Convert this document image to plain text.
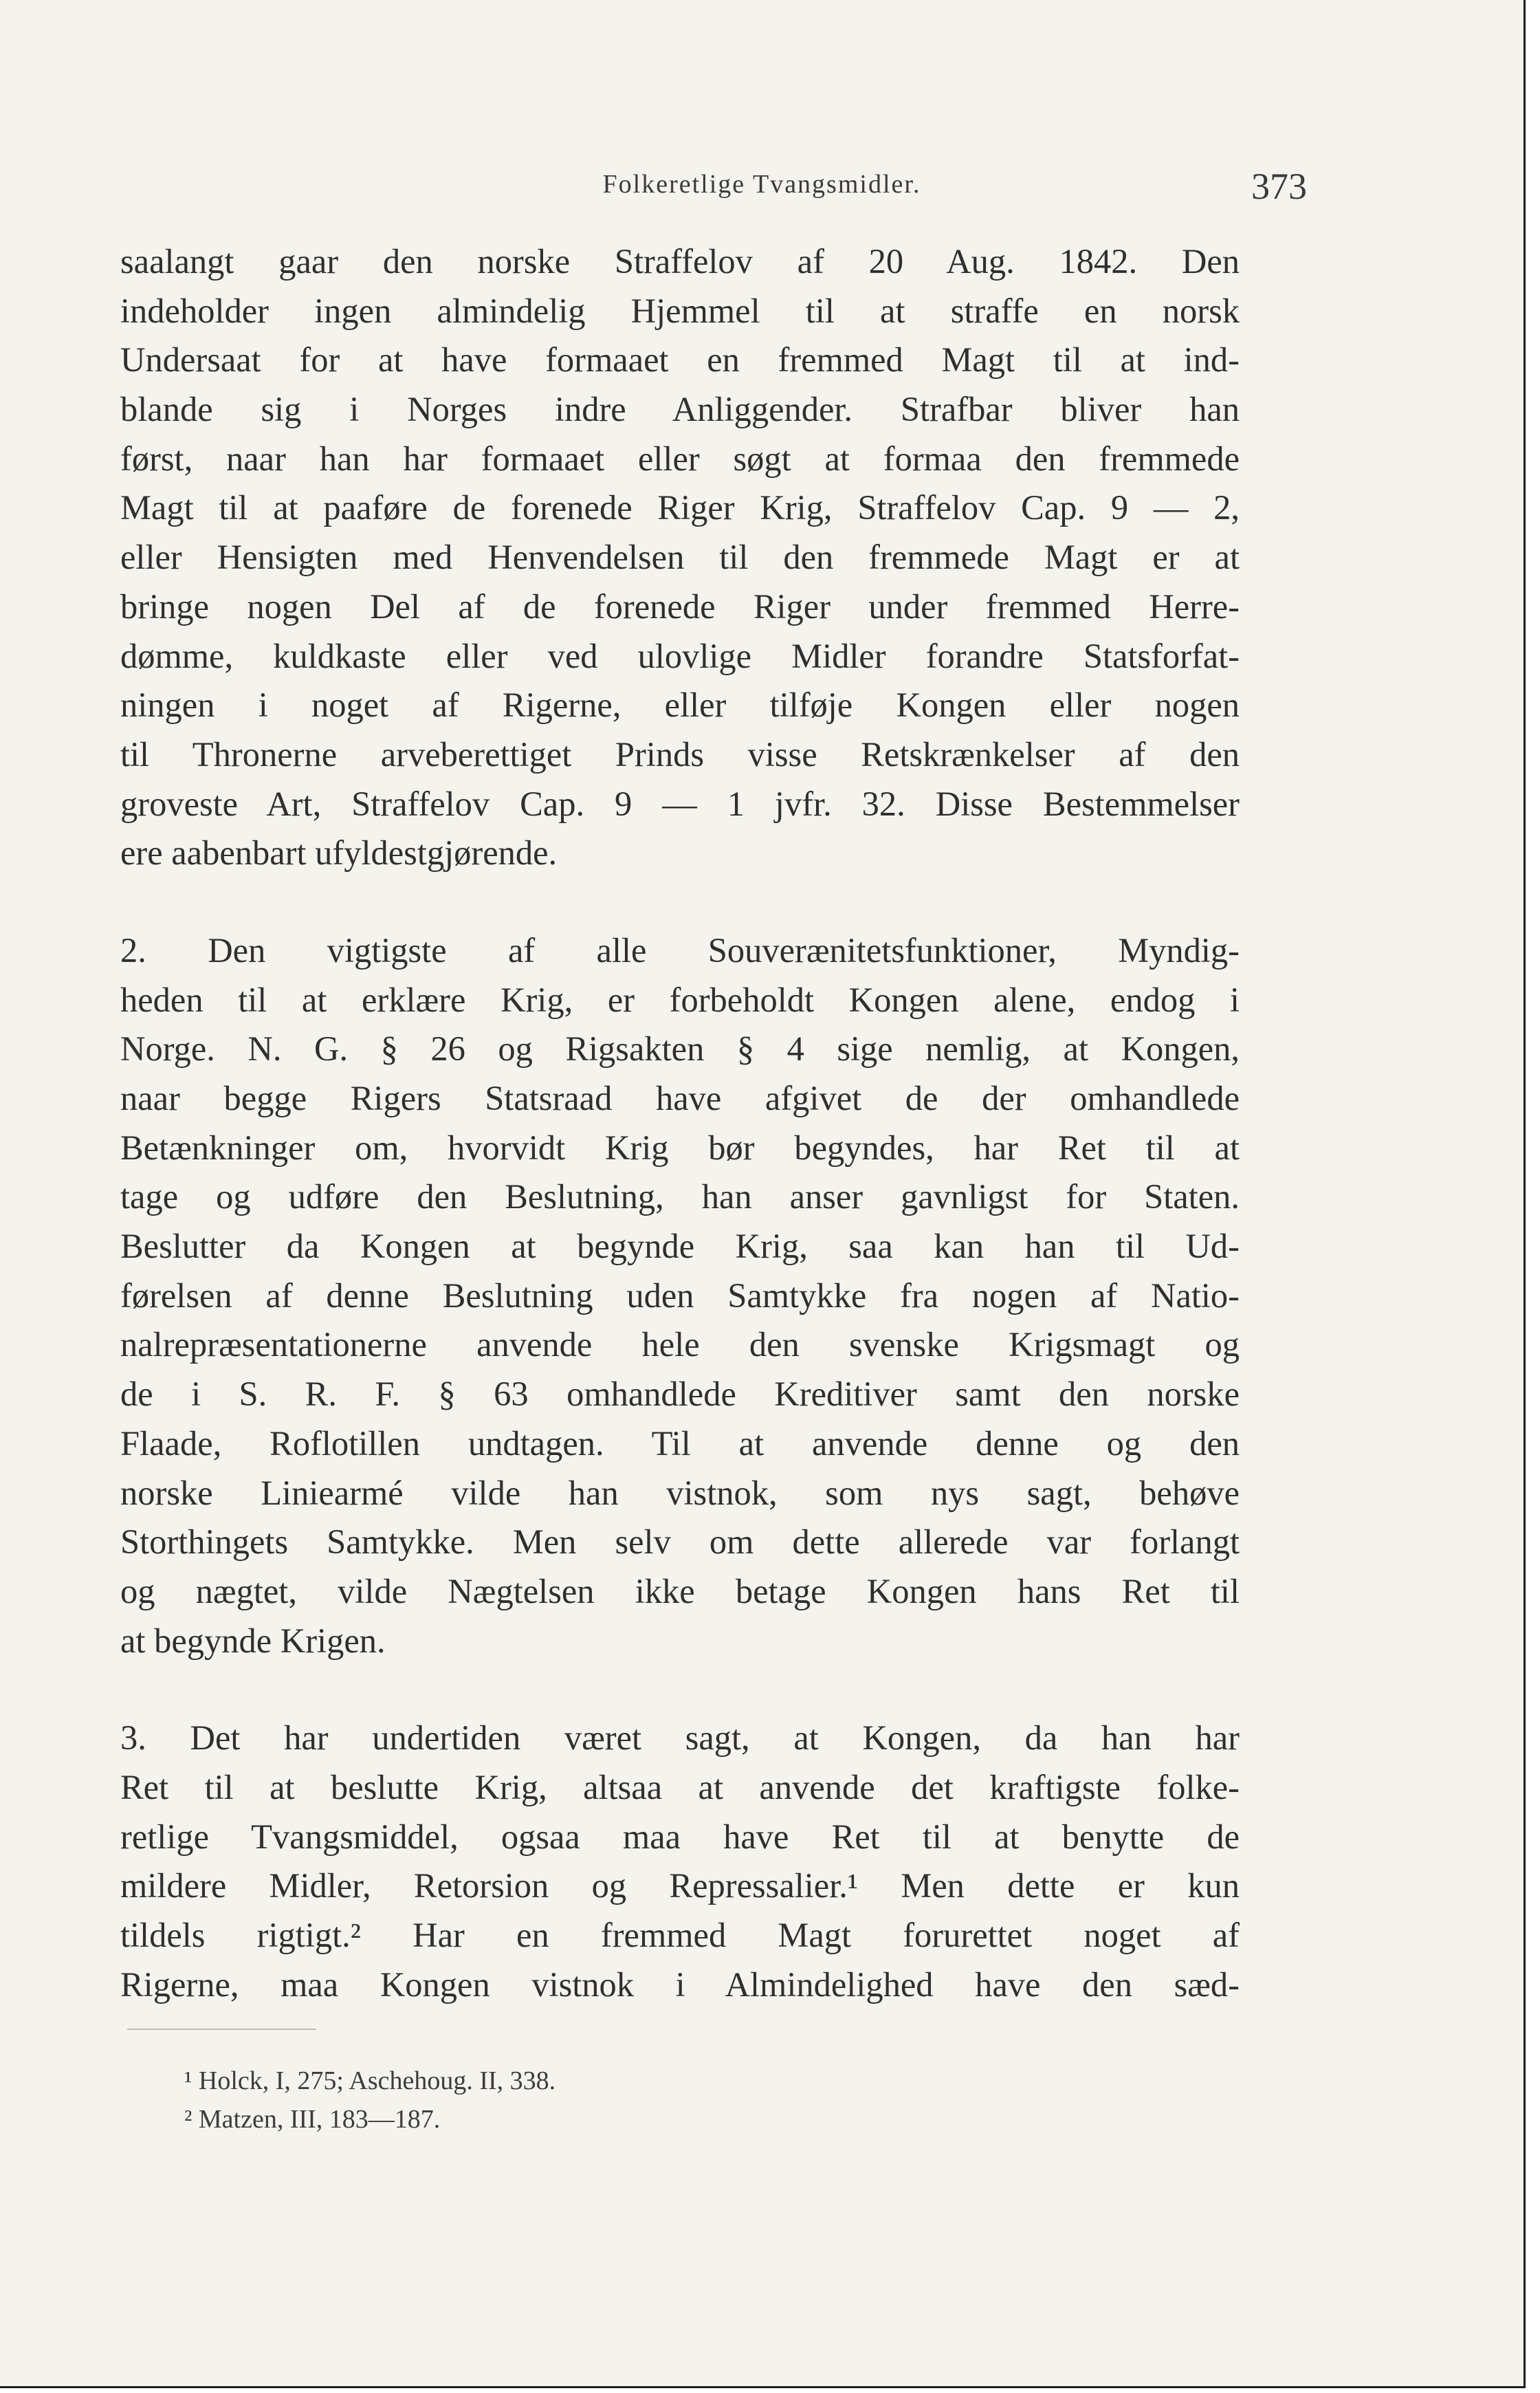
Folkeretlige Tvangsmidler.	373
saalangt gaar den norske Straffelov af 20 Aug. 1842. Den
indeholder ingen almindelig Hjemmel til at straffe en norsk
Undersaat for at have formaaet en fremmed Magt til at ind-
blande sig i Norges indre Anliggender. Strafbar bliver han
først, naar han har formaaet eller søgt at formaa den fremmede
Magt til at paaføre de forenede Riger Krig, Straffelov Cap. 9 — 2,
eller Hensigten med Henvendelsen til den fremmede Magt er at
bringe nogen Del af de forenede Riger under fremmed Herre-
dømme, kuldkaste eller ved ulovlige Midler forandre Statsforfat-
ningen i noget af Rigerne, eller tilføje Kongen eller nogen
til Thronerne arveberettiget Prinds visse Retskrænkelser af den
groveste Art, Straffelov Cap. 9 — 1 jvfr. 32. Disse Bestemmelser
ere aabenbart ufyldestgjørende.
2. Den vigtigste af alle Souverænitetsfunktioner, Myndig-
heden til at erklære Krig, er forbeholdt Kongen alene, endog i
Norge. N. G. § 26 og Rigsakten § 4 sige nemlig, at Kongen,
naar begge Rigers Statsraad have afgivet de der omhandlede
Betænkninger om, hvorvidt Krig bør begyndes, har Ret til at
tage og udføre den Beslutning, han anser gavnligst for Staten.
Beslutter da Kongen at begynde Krig, saa kan han til Ud-
førelsen af denne Beslutning uden Samtykke fra nogen af Natio-
nalrepræsentationerne anvende hele den svenske Krigsmagt og
de i S. R. F. § 63 omhandlede Kreditiver samt den norske
Flaade, Roflotillen undtagen. Til at anvende denne og den
norske Liniearmé vilde han vistnok, som nys sagt, behøve
Storthingets Samtykke. Men selv om dette allerede var forlangt
og nægtet, vilde Nægtelsen ikke betage Kongen hans Ret til
at begynde Krigen.
3. Det har undertiden været sagt, at Kongen, da han har
Ret til at beslutte Krig, altsaa at anvende det kraftigste folke-
retlige Tvangsmiddel, ogsaa maa have Ret til at benytte de
mildere Midler, Retorsion og Repressalier.¹ Men dette er kun
tildels rigtigt.² Har en fremmed Magt forurettet noget af
Rigerne, maa Kongen vistnok i Almindelighed have den sæd-
¹ Holck, I, 275; Aschehoug. II, 338.
² Matzen, III, 183—187.
